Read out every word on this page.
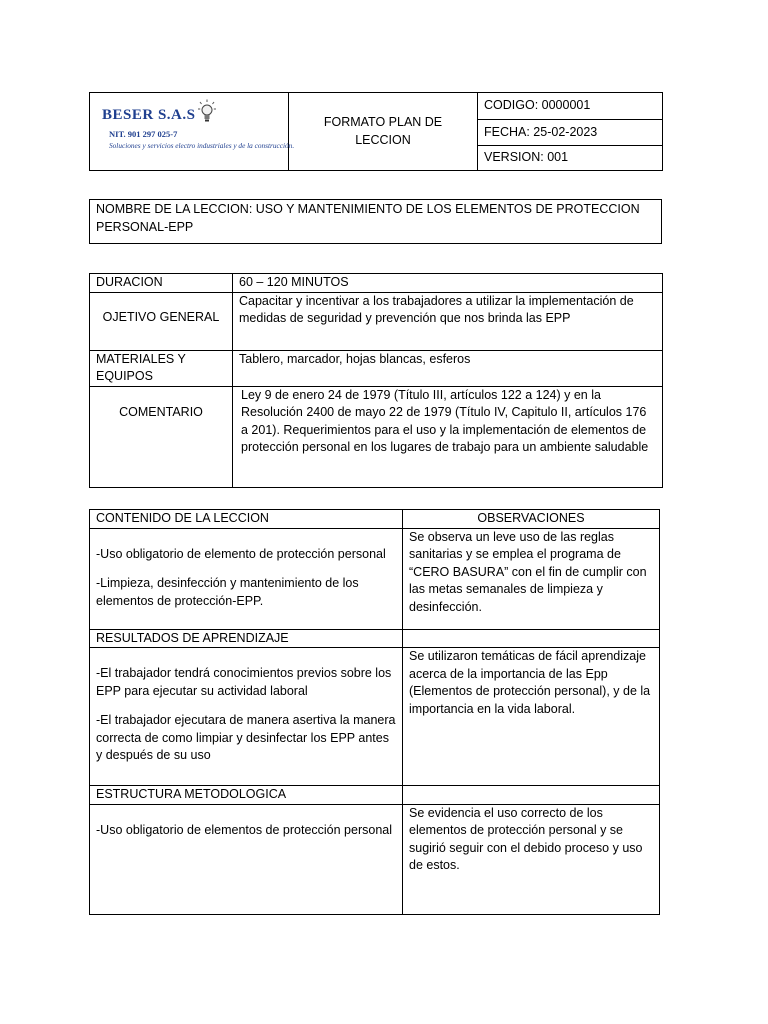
BESER S.A.S
NIT. 901 297 025-7
Soluciones y servicios electro industriales y de la construcción.
	FORMATO PLAN DE LECCION	CODIGO: 0000001
FECHA: 25-02-2023
VERSION: 001
NOMBRE DE LA LECCION: USO Y MANTENIMIENTO DE LOS ELEMENTOS DE PROTECCION PERSONAL-EPP
DURACION	60 – 120 MINUTOS
OJETIVO GENERAL	Capacitar y incentivar a los trabajadores a utilizar la implementación de medidas de seguridad y prevención que nos brinda las EPP
MATERIALES Y EQUIPOS	Tablero, marcador, hojas blancas, esferos
COMENTARIO	Ley 9 de enero 24 de 1979 (Título III, artículos 122 a 124) y en la Resolución 2400 de mayo 22 de 1979 (Título IV, Capitulo II, artículos 176 a 201). Requerimientos para el uso y la implementación de elementos de protección personal en los lugares de trabajo para un ambiente saludable
CONTENIDO DE LA LECCION	OBSERVACIONES

-Uso obligatorio de elemento de protección personal

-Limpieza, desinfección y mantenimiento de los elementos de protección-EPP.	Se observa un leve uso de las reglas sanitarias y se emplea el programa de “CERO BASURA” con el fin de cumplir con las metas semanales de limpieza y desinfección.
RESULTADOS DE APRENDIZAJE	

-El trabajador tendrá conocimientos previos sobre los EPP para ejecutar su actividad laboral

-El trabajador ejecutara de manera asertiva la manera correcta de como limpiar y desinfectar los EPP antes y después de su uso	Se utilizaron temáticas de fácil aprendizaje acerca de la importancia de las Epp (Elementos de protección personal), y de la importancia en la vida laboral.
ESTRUCTURA METODOLOGICA	
-Uso obligatorio de elementos de protección personal	Se evidencia el uso correcto de los elementos de protección personal y se sugirió seguir con el debido proceso y uso de estos.
